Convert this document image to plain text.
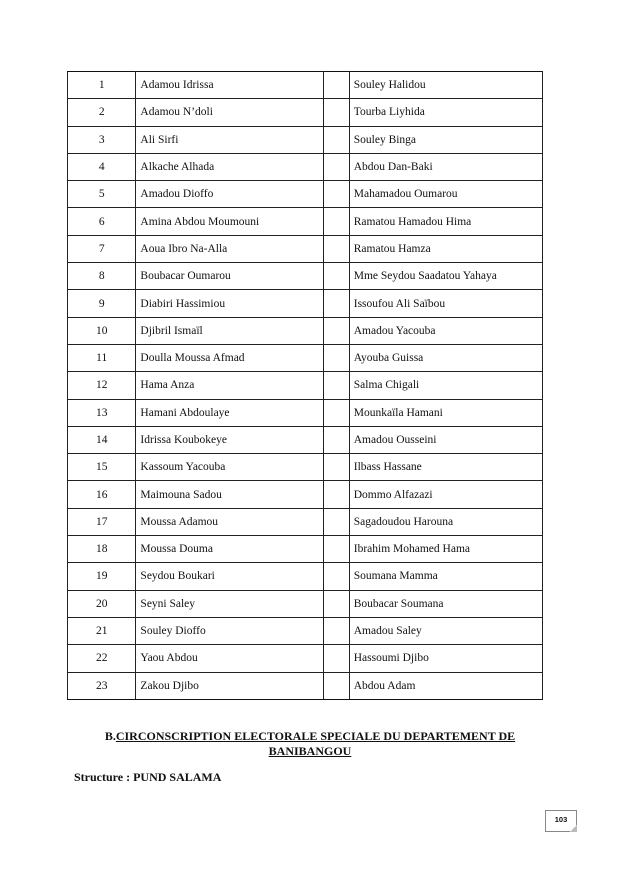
1	Adamou Idrissa		Souley Halidou
2	Adamou N’doli		Tourba Liyhida
3	Ali Sirfi		Souley Binga
4	Alkache Alhada		Abdou Dan-Baki
5	Amadou Dioffo		Mahamadou Oumarou
6	Amina Abdou Moumouni		Ramatou Hamadou Hima
7	Aoua Ibro Na-Alla		Ramatou Hamza
8	Boubacar Oumarou		Mme Seydou Saadatou Yahaya
9	Diabiri Hassimiou		Issoufou Ali Saïbou
10	Djibril Ismaïl		Amadou Yacouba
11	Doulla Moussa Afmad		Ayouba Guissa
12	Hama Anza		Salma Chigali
13	Hamani Abdoulaye		Mounkaïla Hamani
14	Idrissa Koubokeye		Amadou Ousseini
15	Kassoum Yacouba		Ilbass Hassane
16	Maimouna Sadou		Dommo Alfazazi
17	Moussa Adamou		Sagadoudou Harouna
18	Moussa Douma		Ibrahim Mohamed Hama
19	Seydou Boukari		Soumana Mamma
20	Seyni Saley		Boubacar Soumana
21	Souley Dioffo		Amadou Saley
22	Yaou Abdou		Hassoumi Djibo
23	Zakou Djibo		Abdou Adam
B.CIRCONSCRIPTION ELECTORALE SPECIALE DU DEPARTEMENT DE BANIBANGOU
Structure : PUND SALAMA
103
